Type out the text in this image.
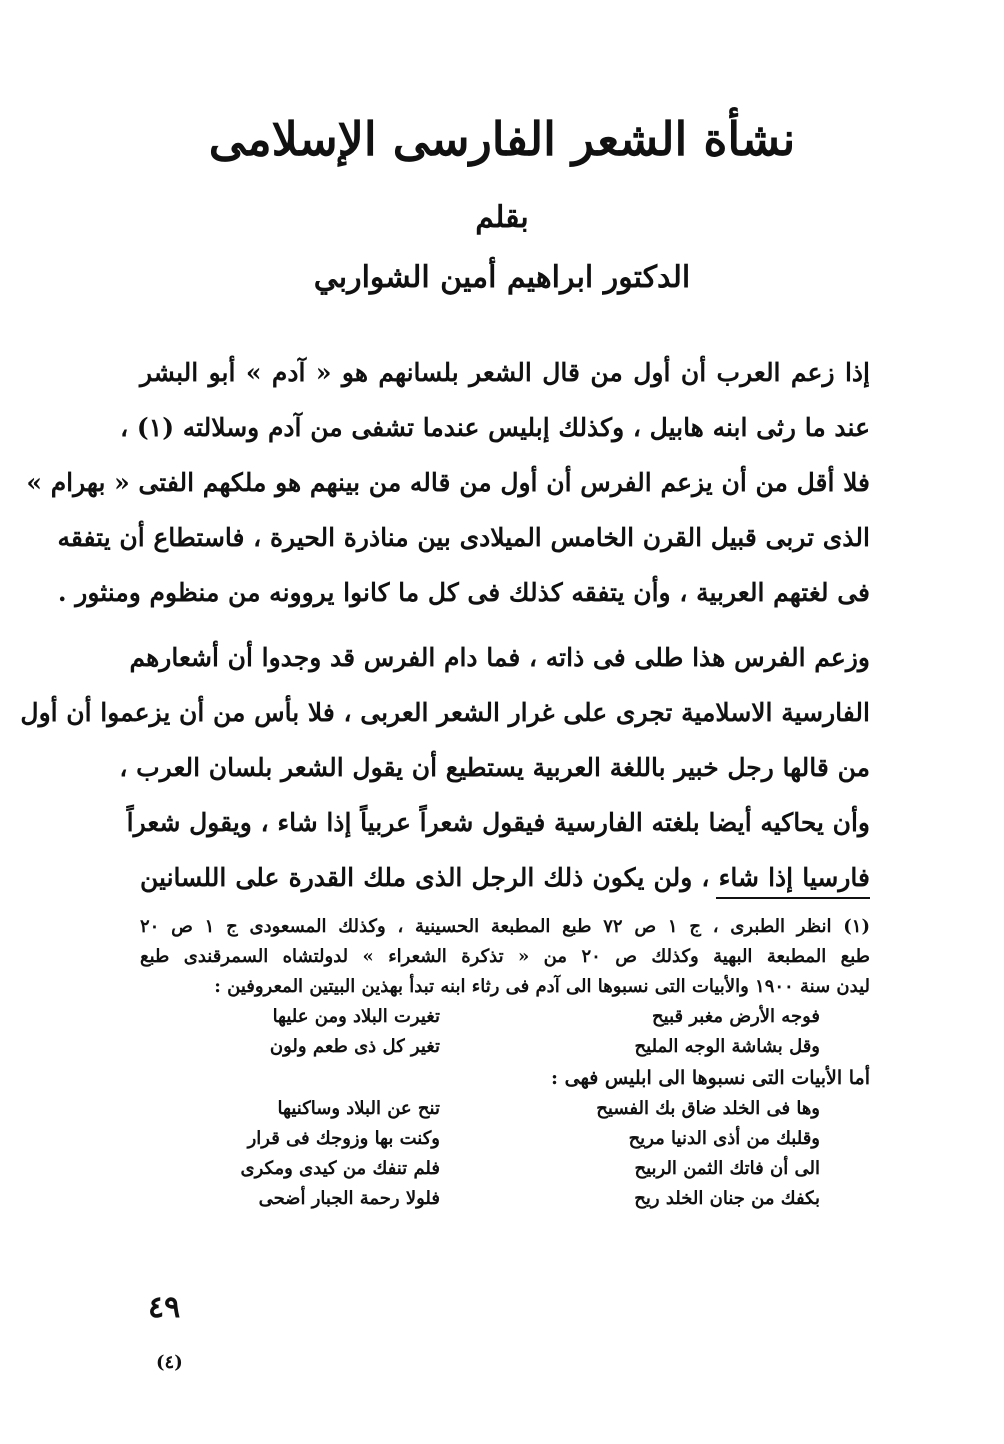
نشأة الشعر الفارسى الإسلامى
بقلم
الدكتور ابراهيم أمين الشواربي
إذا زعم العرب أن أول من قال الشعر بلسانهم هو « آدم » أبو البشر
عند ما رثى ابنه هابيل ، وكذلك إبليس عندما تشفى من آدم وسلالته (١) ،
فلا أقل من أن يزعم الفرس أن أول من قاله من بينهم هو ملكهم الفتى « بهرام »
الذى تربى قبيل القرن الخامس الميلادى بين مناذرة الحيرة ، فاستطاع أن يتفقه
فى لغتهم العربية ، وأن يتفقه كذلك فى كل ما كانوا يروونه من منظوم ومنثور .
وزعم الفرس هذا طلى فى ذاته ، فما دام الفرس قد وجدوا أن أشعارهم
الفارسية الاسلامية تجرى على غرار الشعر العربى ، فلا بأس من أن يزعموا أن أول
من قالها رجل خبير باللغة العربية يستطيع أن يقول الشعر بلسان العرب ،
وأن يحاكيه أيضا بلغته الفارسية فيقول شعراً عربياً إذا شاء ، ويقول شعراً
فارسيا إذا شاء ، ولن يكون ذلك الرجل الذى ملك القدرة على اللسانين
(١) انظر الطبرى ، ج ١ ص ٧٢ طبع المطبعة الحسينية ، وكذلك المسعودى ج ١ ص ٢٠
طبع المطبعة البهية وكذلك ص ٢٠ من « تذكرة الشعراء » لدولتشاه السمرقندى طبع
ليدن سنة ١٩٠٠ والأبيات التى نسبوها الى آدم فى رثاء ابنه تبدأ بهذين البيتين المعروفين :
تغيرت البلاد ومن عليها	فوجه الأرض مغبر قبيح
تغير كل ذى طعم ولون	وقل بشاشة الوجه المليح
أما الأبيات التى نسبوها الى ابليس فهى :
تنح عن البلاد وساكنيها	وها فى الخلد ضاق بك الفسيح
وكنت بها وزوجك فى قرار	وقلبك من أذى الدنيا مريح
فلم تنفك من كيدى ومكرى	الى أن فاتك الثمن الربيح
فلولا رحمة الجبار أضحى	بكفك من جنان الخلد ريح
٤٩
(٤)
